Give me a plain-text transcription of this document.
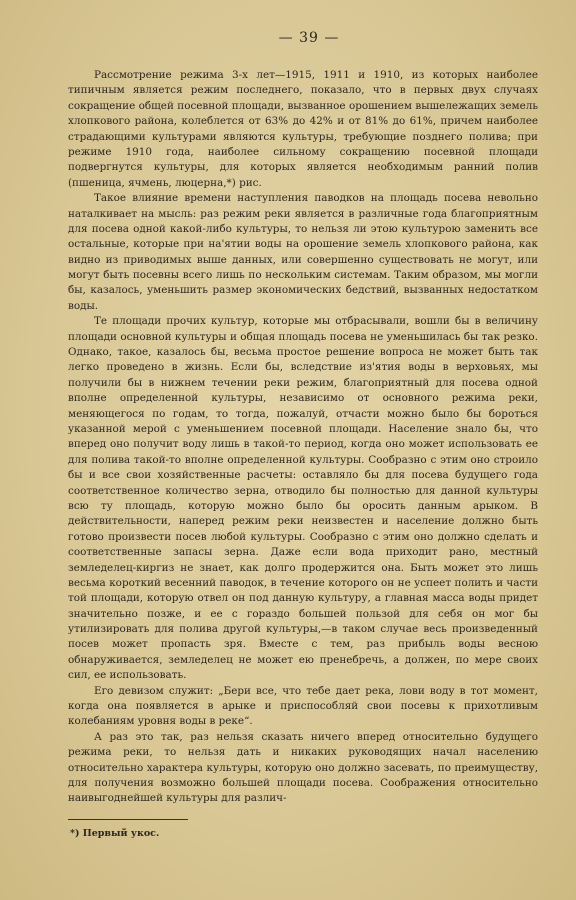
— 39 —

Рассмотрение режима 3-х лет—1915, 1911 и 1910, из которых наиболее типичным является режим последнего, показало, что в первых двух случаях сокращение общей посевной площади, вызванное орошением вышележащих земель хлопкового района, колеблется от 63% до 42% и от 81% до 61%, причем наиболее страдающими культурами являются культуры, требующие позднего полива; при режиме 1910 года, наиболее сильному сокращению посевной площади подвергнутся культуры, для которых является необходимым ранний полив (пшеница, ячмень, люцерна,*) рис.

Такое влияние времени наступления паводков на площадь посева невольно наталкивает на мысль: раз режим реки является в различные года благоприятным для посева одной какой-либо культуры, то нельзя ли этою культурою заменить все остальные, которые при на'ятии воды на орошение земель хлопкового района, как видно из приводимых выше данных, или совершенно существовать не могут, или могут быть посевны всего лишь по нескольким системам. Таким образом, мы могли бы, казалось, уменьшить размер экономических бедствий, вызванных недостатком воды.

Те площади прочих культур, которые мы отбрасывали, вошли бы в величину площади основной культуры и общая площадь посева не уменьшилась бы так резко. Однако, такое, казалось бы, весьма простое решение вопроса не может быть так легко проведено в жизнь. Если бы, вследствие из'ятия воды в верховьях, мы получили бы в нижнем течении реки режим, благоприятный для посева одной вполне определенной культуры, независимо от основного режима реки, меняющегося по годам, то тогда, пожалуй, отчасти можно было бы бороться указанной мерой с уменьшением посевной площади. Население знало бы, что вперед оно получит воду лишь в такой-то период, когда оно может использовать ее для полива такой-то вполне определенной культуры. Сообразно с этим оно строило бы и все свои хозяйственные расчеты: оставляло бы для посева будущего года соответственное количество зерна, отводило бы полностью для данной культуры всю ту площадь, которую можно было бы оросить данным арыком. В действительности, наперед режим реки неизвестен и население должно быть готово произвести посев любой культуры. Сообразно с этим оно должно сделать и соответственные запасы зерна. Даже если вода приходит рано, местный земледелец-киргиз не знает, как долго продержится она. Быть может это лишь весьма короткий весенний паводок, в течение которого он не успеет полить и части той площади, которую отвел он под данную культуру, а главная масса воды придет значительно позже, и ее с гораздо большей пользой для себя он мог бы утилизировать для полива другой культуры,—в таком случае весь произведенный посев может пропасть зря. Вместе с тем, раз прибыль воды весною обнаруживается, земледелец не может ею пренебречь, а должен, по мере своих сил, ее использовать.

Его девизом служит: „Бери все, что тебе дает река, лови воду в тот момент, когда она появляется в арыке и приспособляй свои посевы к прихотливым колебаниям уровня воды в реке“.

А раз это так, раз нельзя сказать ничего вперед относительно будущего режима реки, то нельзя дать и никаких руководящих начал населению относительно характера культуры, которую оно должно засевать, по преимуществу, для получения возможно большей площади посева. Соображения относительно наивыгоднейшей культуры для различ-

*) Первый укос.
